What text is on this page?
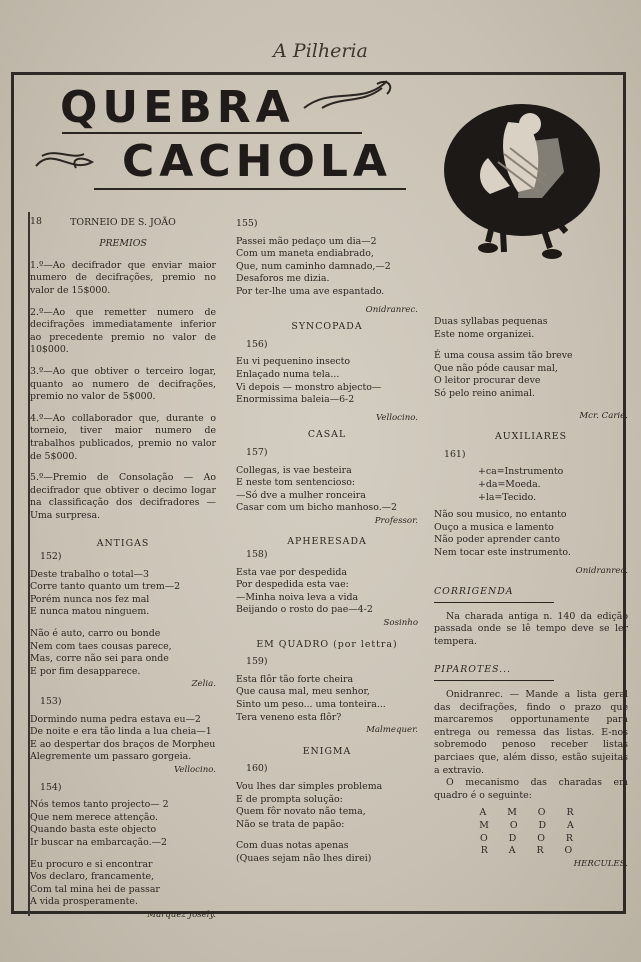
A Pilheria
QUEBRA
CACHOLA

18	TORNEIO DE S. JOÃO

PREMIOS

1.º—Ao decifrador que enviar maior numero de decifrações, premio no valor de 15$000.

2.º—Ao que remetter numero de decifrações immediatamente inferior ao precedente premio no valor de 10$000.

3.º—Ao que obtiver o terceiro logar, quanto ao numero de decifrações, premio no valor de 5$000.

4.º—Ao collaborador que, durante o torneio, tiver maior numero de trabalhos publicados, premio no valor de 5$000.

5.º—Premio de Consolação — Ao decifrador que obtiver o decimo logar na classificação dos decifradores —Uma surpresa.

ANTIGAS

152)

Deste trabalho o total—3

Corre tanto quanto um trem—2

Porém nunca nos fez mal

E nunca matou ninguem.

Não é auto, carro ou bonde

Nem com taes cousas parece,

Mas, corre não sei para onde

E por fim desapparece.

Zelia.

153)

Dormindo numa pedra estava eu—2

De noite e era tão linda a lua cheia—1

E ao despertar dos braços de Morpheu

Alegremente um passaro gorgeia.

Vellocino.

154)

Nós temos tanto projecto— 2

Que nem merece attenção.

Quando basta este objecto

Ir buscar na embarcação.—2

Eu procuro e si encontrar

Vos declaro, francamente,

Com tal mina hei de passar

A vida prosperamente.

Marquez Josely.

155)

Passei mão pedaço um dia—2

Com um maneta endiabrado,

Que, num caminho damnado,—2

Desaforos me dizia.

Por ter-lhe uma ave espantado.

Onidranrec.

SYNCOPADA

156)

Eu vi pequenino insecto

Enlaçado numa tela...

Vi depois — monstro abjecto—

Enormissima baleia—6-2

Vellocino.

CASAL

157)

Collegas, is vae besteira

E neste tom sentencioso:

—Só dve a mulher ronceira

Casar com um bicho manhoso.—2

Professor.

APHERESADA

158)

Esta vae por despedida

Por despedida esta vae:

—Minha noiva leva a vida

Beijando o rosto do pae—4-2

Sosinho

EM QUADRO (por lettra)

159)

Esta flôr tão forte cheira

Que causa mal, meu senhor,

Sinto um peso... uma tonteira...

Tera veneno esta flôr?

Malmequer.

ENIGMA

160)

Vou lhes dar simples problema

E de prompta solução:

Quem fôr novato não tema,

Não se trata de papão:

Com duas notas apenas

(Quaes sejam não lhes direi)

Duas syllabas pequenas

Este nome organizei.

É uma cousa assim tão breve

Que não póde causar mal,

O leitor procurar deve

Só pelo reino animal.

Mcr. Carie.

AUXILIARES

161)

+ca=Instrumento

+da=Moeda.

+la=Tecido.

Não sou musico, no entanto

Ouço a musica e lamento

Não poder aprender canto

Nem tocar este instrumento.

Onidranrec.

CORRIGENDA

Na charada antiga n. 140 da edição passada onde se lê tempo deve se ler tempera.

PIPAROTES...

Onidranrec. — Mande a lista geral das decifrações, findo o prazo que marcaremos opportunamente para entrega ou remessa das listas. E-nos sobremodo penoso receber listas parciaes que, além disso, estão sujeitas a extravio.

O mecanismo das charadas em quadro é o seguinte:

A M O R

M O D A

O D O R

R A R O

HERCULES.
